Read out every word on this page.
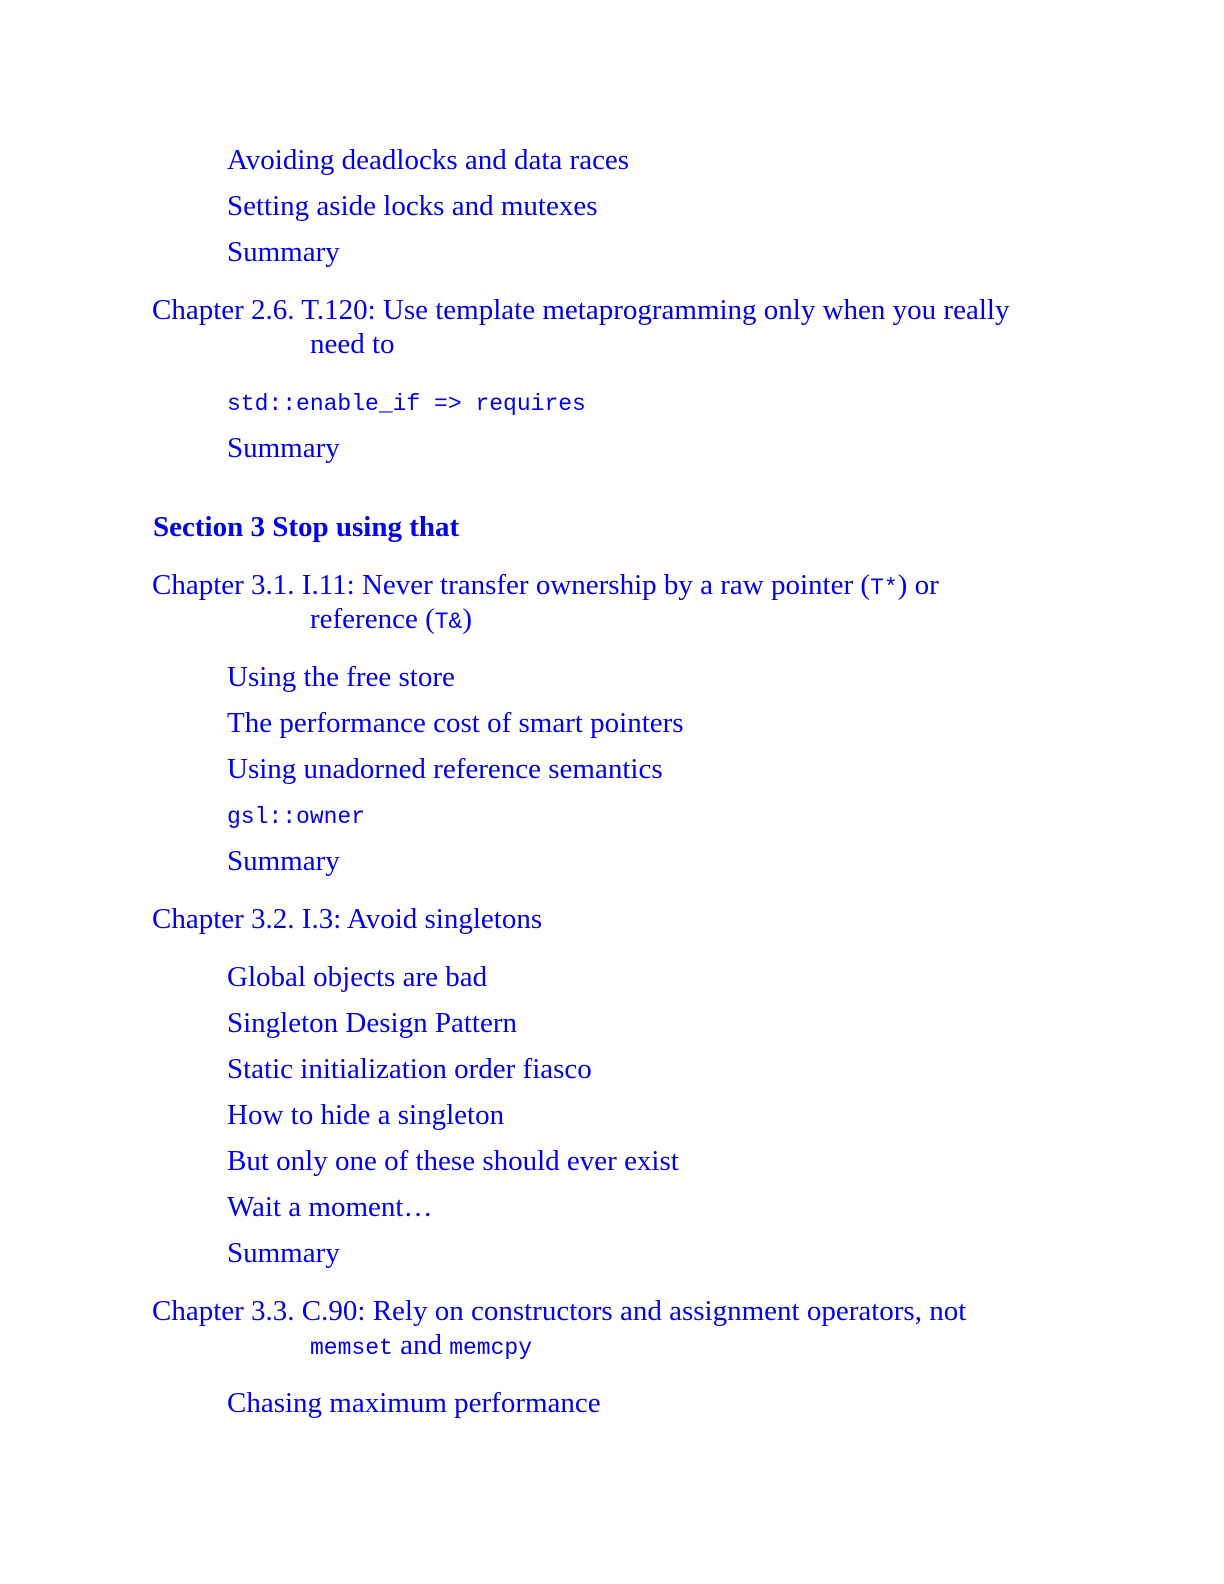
Avoiding deadlocks and data races
Setting aside locks and mutexes
Summary
Chapter 2.6. T.120: Use template metaprogramming only when you really
need to
std::enable_if => requires
Summary
Section 3 Stop using that
Chapter 3.1. I.11: Never transfer ownership by a raw pointer (T*) or
reference (T&)
Using the free store
The performance cost of smart pointers
Using unadorned reference semantics
gsl::owner
Summary
Chapter 3.2. I.3: Avoid singletons
Global objects are bad
Singleton Design Pattern
Static initialization order fiasco
How to hide a singleton
But only one of these should ever exist
Wait a moment…
Summary
Chapter 3.3. C.90: Rely on constructors and assignment operators, not
memset and memcpy
Chasing maximum performance
